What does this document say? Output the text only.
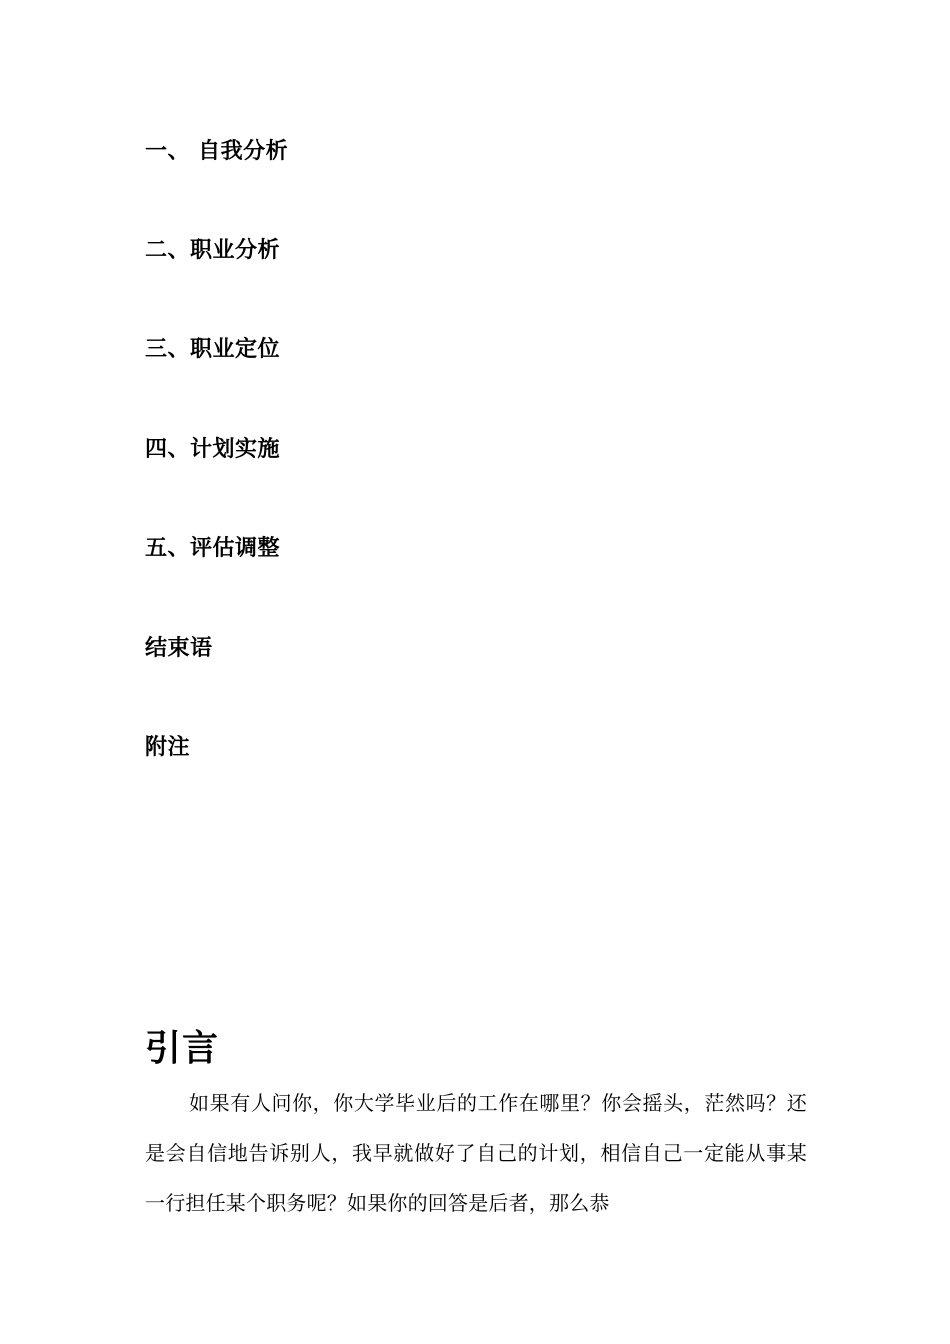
一、 自我分析
二、职业分析
三、职业定位
四、计划实施
五、评估调整
结束语
附注
引言
如果有人问你，你大学毕业后的工作在哪里？你会摇头，茫然吗？还是会自信地告诉别人，我早就做好了自己的计划，相信自己一定能从事某一行担任某个职务呢？如果你的回答是后者，那么恭
